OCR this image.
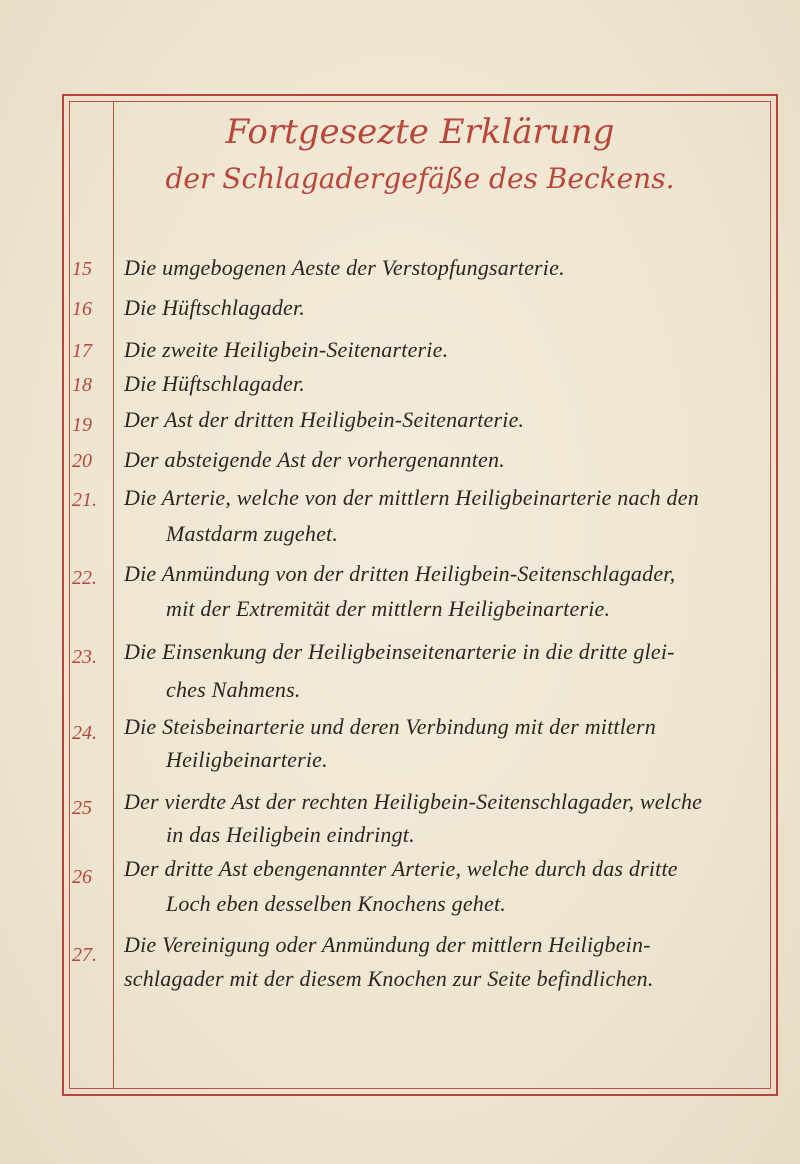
Fortgesezte Erklärung
der Schlagadergefäße des Beckens.
15	Die umgebogenen Aeste der Verstopfungsarterie.
16	Die Hüftschlagader.
17	Die zweite Heiligbein-Seitenarterie.
18	Die Hüftschlagader.
19	Der Ast der dritten Heiligbein-Seitenarterie.
20	Der absteigende Ast der vorhergenannten.
21.	Die Arterie, welche von der mittlern Heiligbeinarterie nach den
Mastdarm zugehet.
22.	Die Anmündung von der dritten Heiligbein-Seitenschlagader,
mit der Extremität der mittlern Heiligbeinarterie.
23.	Die Einsenkung der Heiligbeinseitenarterie in die dritte glei-
ches Nahmens.
24.	Die Steisbeinarterie und deren Verbindung mit der mittlern
Heiligbeinarterie.
25	Der vierdte Ast der rechten Heiligbein-Seitenschlagader, welche
in das Heiligbein eindringt.
26	Der dritte Ast ebengenannter Arterie, welche durch das dritte
Loch eben desselben Knochens gehet.
27.	Die Vereinigung oder Anmündung der mittlern Heiligbein-
schlagader mit der diesem Knochen zur Seite befindlichen.
